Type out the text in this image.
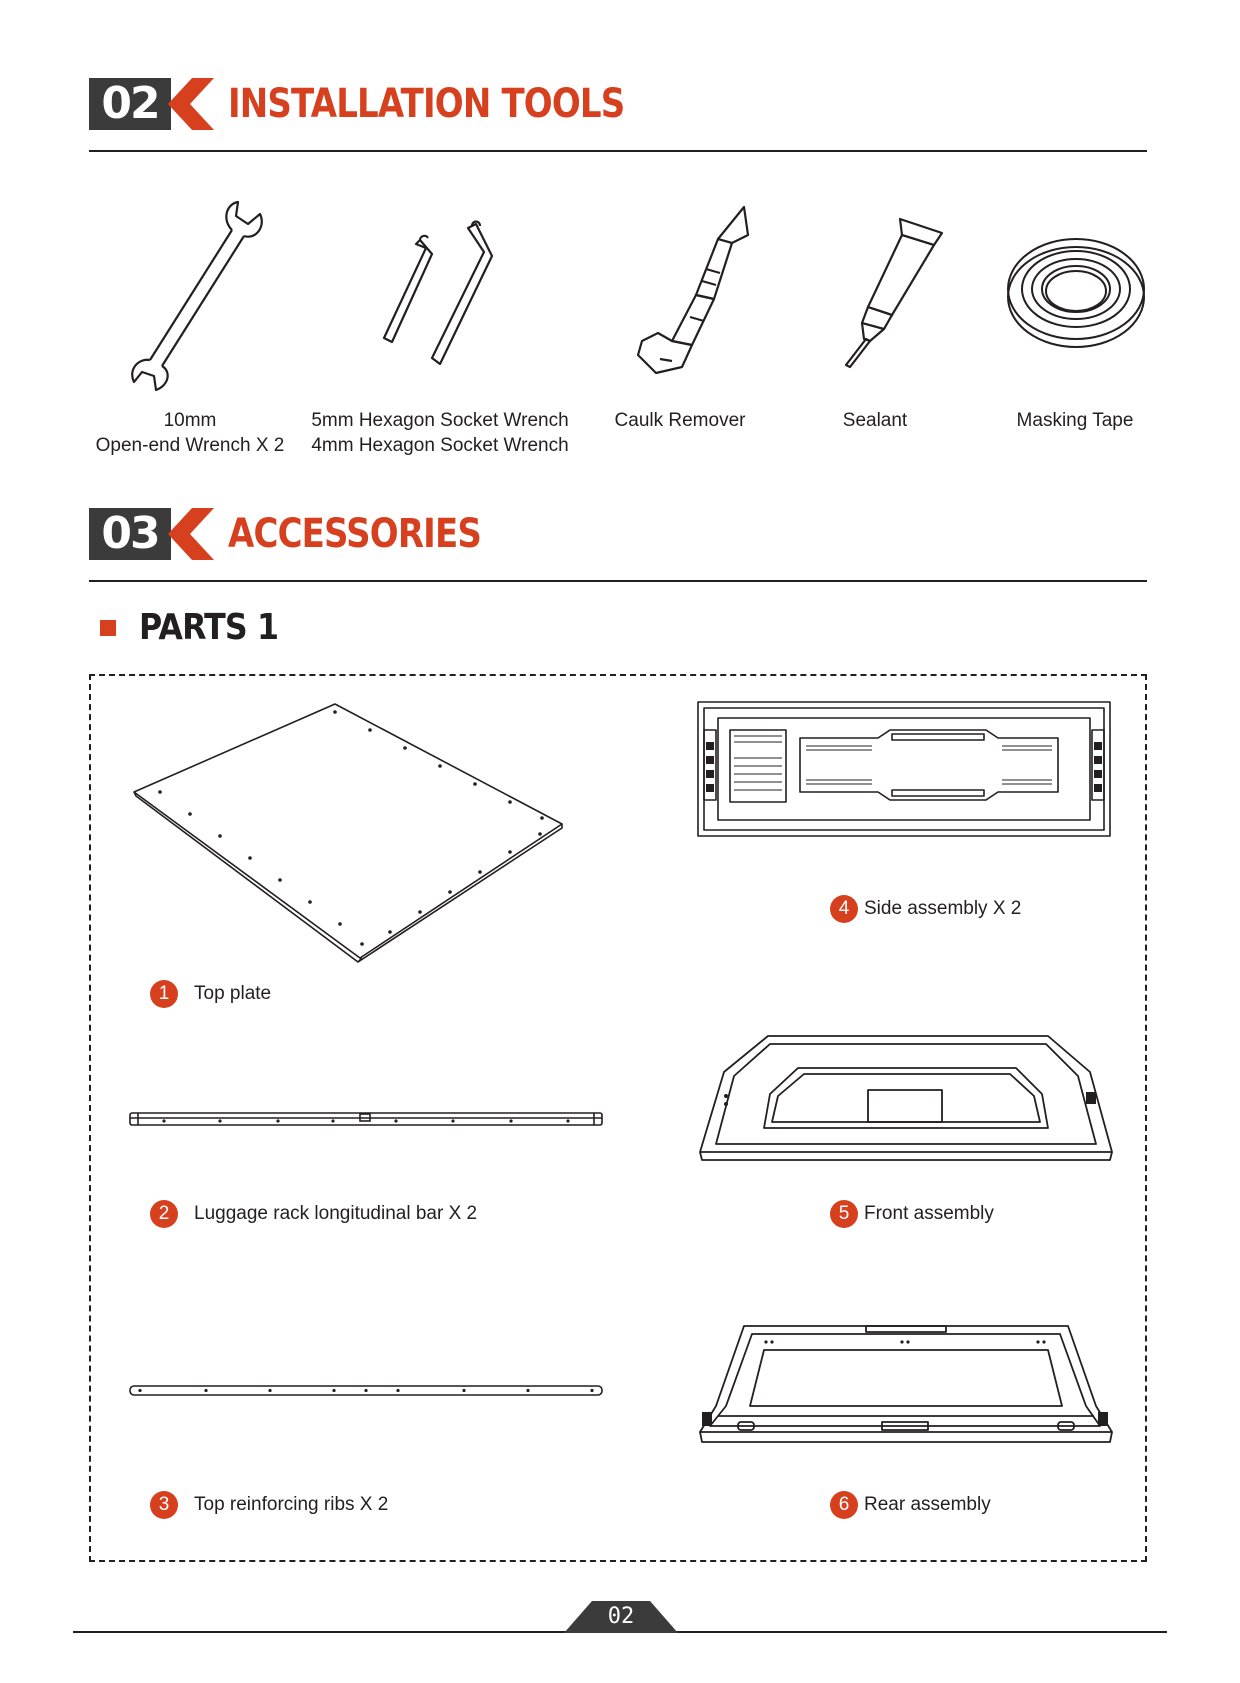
02	INSTALLATION TOOLS
10mm
Open-end Wrench X 2
5mm Hexagon Socket Wrench
4mm Hexagon Socket Wrench
Caulk Remover	Sealant	Masking Tape
03	ACCESSORIES
PARTS 1
1	Top plate
2	Luggage rack longitudinal bar X 2
3	Top reinforcing ribs X 2
4 Side assembly X 2
5 Front assembly
6 Rear assembly
02
